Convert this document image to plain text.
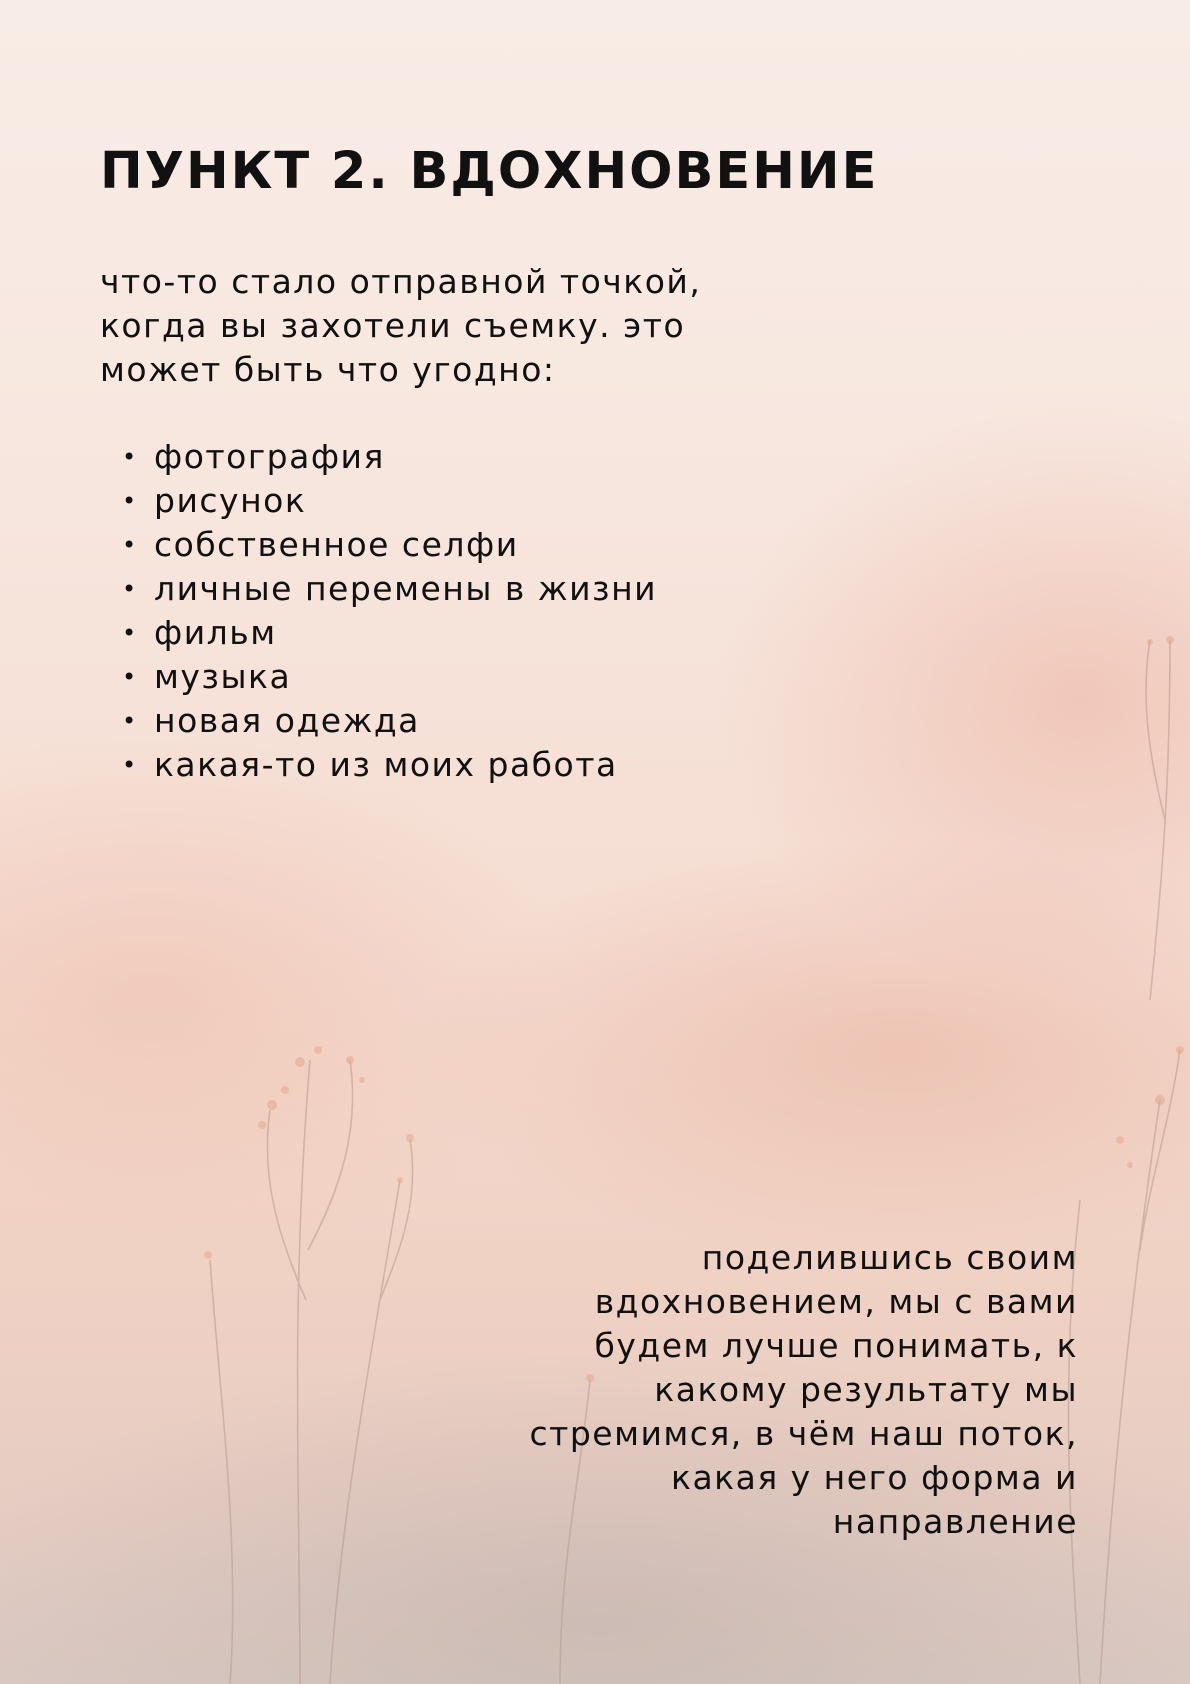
ПУНКТ 2. ВДОХНОВЕНИЕ

что-то стало отправной точкой,
когда вы захотели съемку. это
может быть что угодно:

• фотография
• рисунок
• собственное селфи
• личные перемены в жизни
• фильм
• музыка
• новая одежда
• какая-то из моих работа

поделившись своим
вдохновением, мы с вами
будем лучше понимать, к
какому результату мы
стремимся, в чём наш поток,
какая у него форма и
направление
